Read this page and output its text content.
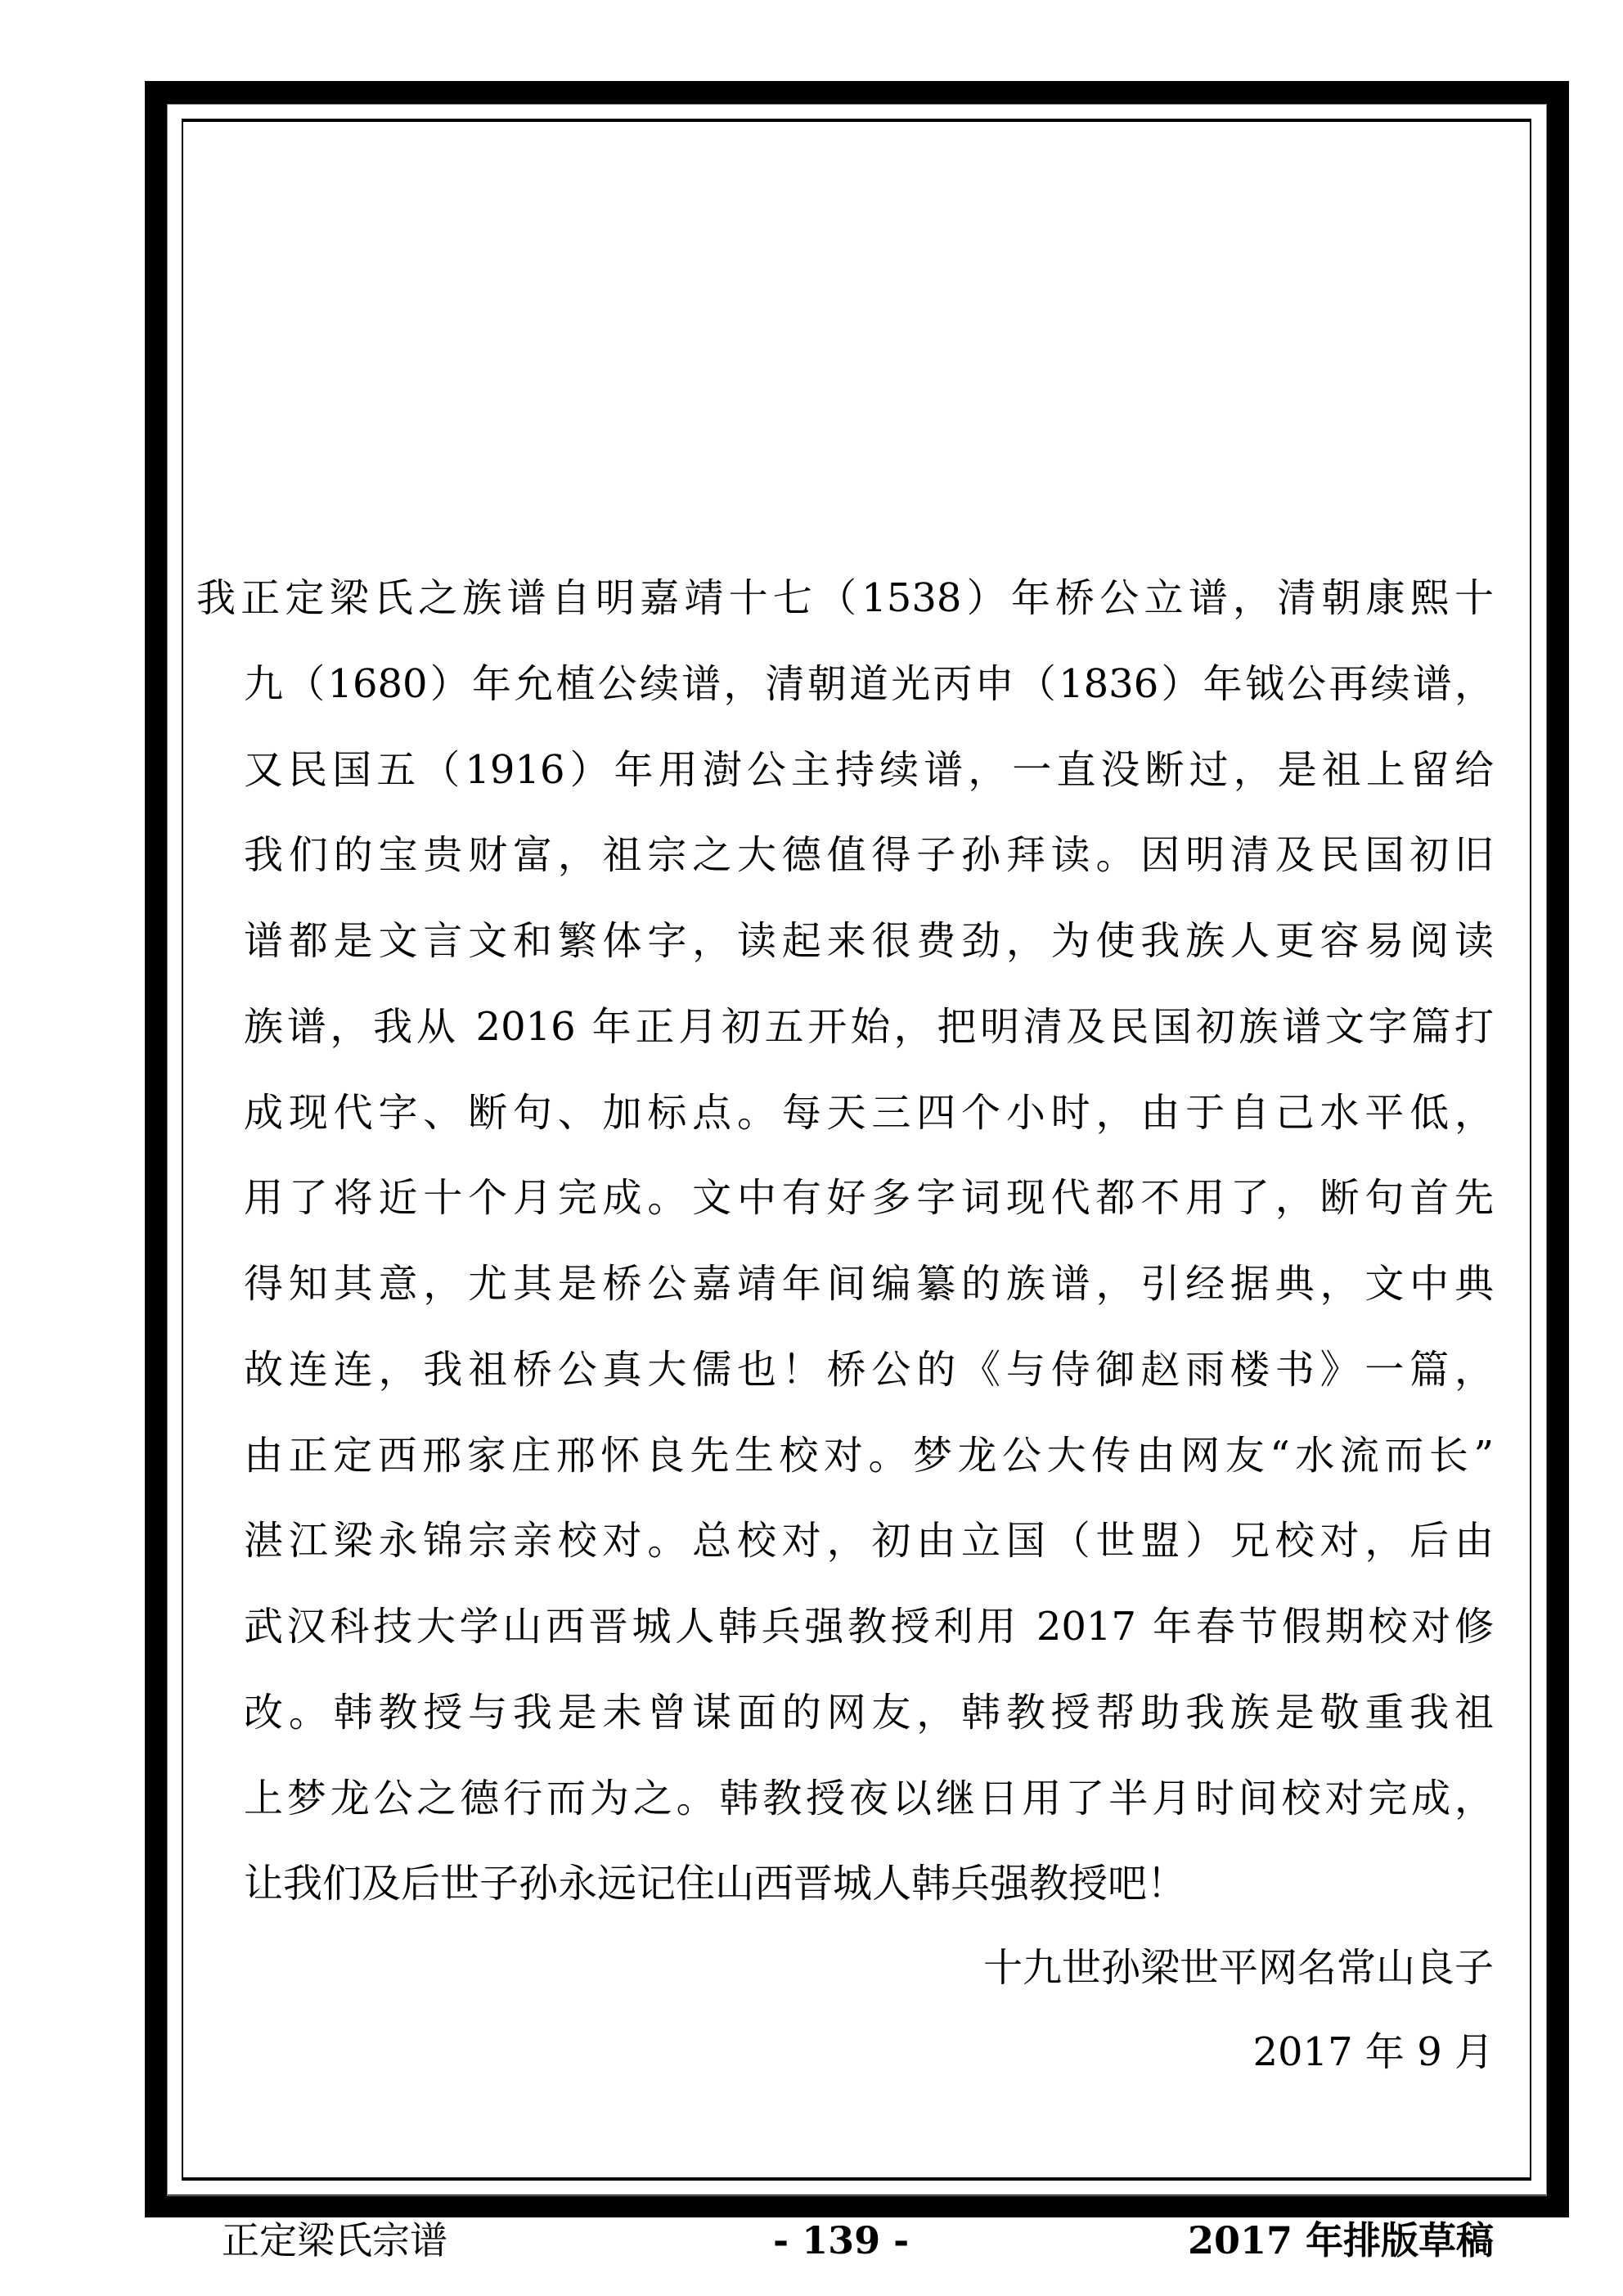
我正定梁氏之族谱自明嘉靖十七（1538）年桥公立谱，清朝康熙十
九（1680）年允植公续谱，清朝道光丙申（1836）年钺公再续谱，
又民国五（1916）年用澍公主持续谱，一直没断过，是祖上留给
我们的宝贵财富，祖宗之大德值得子孙拜读。因明清及民国初旧
谱都是文言文和繁体字，读起来很费劲，为使我族人更容易阅读
族谱，我从 2016 年正月初五开始，把明清及民国初族谱文字篇打
成现代字、断句、加标点。每天三四个小时，由于自己水平低，
用了将近十个月完成。文中有好多字词现代都不用了，断句首先
得知其意，尤其是桥公嘉靖年间编纂的族谱，引经据典，文中典
故连连，我祖桥公真大儒也！桥公的《与侍御赵雨楼书》一篇，
由正定西邢家庄邢怀良先生校对。梦龙公大传由网友“水流而长”
湛江梁永锦宗亲校对。总校对，初由立国（世盟）兄校对，后由
武汉科技大学山西晋城人韩兵强教授利用 2017 年春节假期校对修
改。韩教授与我是未曾谋面的网友，韩教授帮助我族是敬重我祖
上梦龙公之德行而为之。韩教授夜以继日用了半月时间校对完成，
让我们及后世子孙永远记住山西晋城人韩兵强教授吧！
十九世孙梁世平网名常山良子
2017 年 9 月
正定梁氏宗谱	- 139 -	2017 年排版草稿
